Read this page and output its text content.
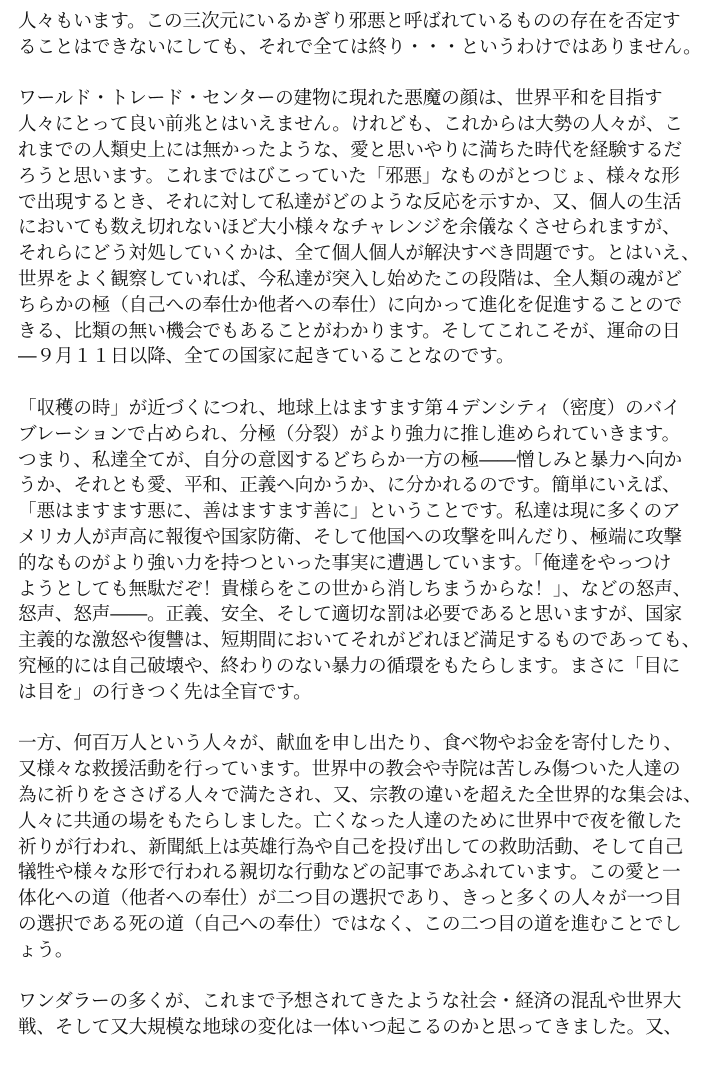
人々もいます。この三次元にいるかぎり邪悪と呼ばれているものの存在を否定す
ることはできないにしても、それで全ては終り・・・というわけではありません。
ワールド・トレード・センターの建物に現れた悪魔の顔は、世界平和を目指す
人々にとって良い前兆とはいえません。けれども、これからは大勢の人々が、こ
れまでの人類史上には無かったような、愛と思いやりに満ちた時代を経験するだ
ろうと思います。これまではびこっていた「邪悪」なものがとつじょ、様々な形
で出現するとき、それに対して私達がどのような反応を示すか、又、個人の生活
においても数え切れないほど大小様々なチャレンジを余儀なくさせられますが、
それらにどう対処していくかは、全て個人個人が解決すべき問題です。とはいえ、
世界をよく観察していれば、今私達が突入し始めたこの段階は、全人類の魂がど
ちらかの極（自己への奉仕か他者への奉仕）に向かって進化を促進することので
きる、比類の無い機会でもあることがわかります。そしてこれこそが、運命の日
―９月１１日以降、全ての国家に起きていることなのです。
「収穫の時」が近づくにつれ、地球上はますます第４デンシティ（密度）のバイ
ブレーションで占められ、分極（分裂）がより強力に推し進められていきます。
つまり、私達全てが、自分の意図するどちらか一方の極――憎しみと暴力へ向か
うか、それとも愛、平和、正義へ向かうか、に分かれるのです。簡単にいえば、
「悪はますます悪に、善はますます善に」ということです。私達は現に多くのア
メリカ人が声高に報復や国家防衛、そして他国への攻撃を叫んだり、極端に攻撃
的なものがより強い力を持つといった事実に遭遇しています。「俺達をやっつけ
ようとしても無駄だぞ！貴様らをこの世から消しちまうからな！」、などの怒声、
怒声、怒声――。正義、安全、そして適切な罰は必要であると思いますが、国家
主義的な激怒や復讐は、短期間においてそれがどれほど満足するものであっても、
究極的には自己破壊や、終わりのない暴力の循環をもたらします。まさに「目に
は目を」の行きつく先は全盲です。
一方、何百万人という人々が、献血を申し出たり、食べ物やお金を寄付したり、
又様々な救援活動を行っています。世界中の教会や寺院は苦しみ傷ついた人達の
為に祈りをささげる人々で満たされ、又、宗教の違いを超えた全世界的な集会は、
人々に共通の場をもたらしました。亡くなった人達のために世界中で夜を徹した
祈りが行われ、新聞紙上は英雄行為や自己を投げ出しての救助活動、そして自己
犠牲や様々な形で行われる親切な行動などの記事であふれています。この愛と一
体化への道（他者への奉仕）が二つ目の選択であり、きっと多くの人々が一つ目
の選択である死の道（自己への奉仕）ではなく、この二つ目の道を進むことでし
ょう。
ワンダラーの多くが、これまで予想されてきたような社会・経済の混乱や世界大
戦、そして又大規模な地球の変化は一体いつ起こるのかと思ってきました。又、
